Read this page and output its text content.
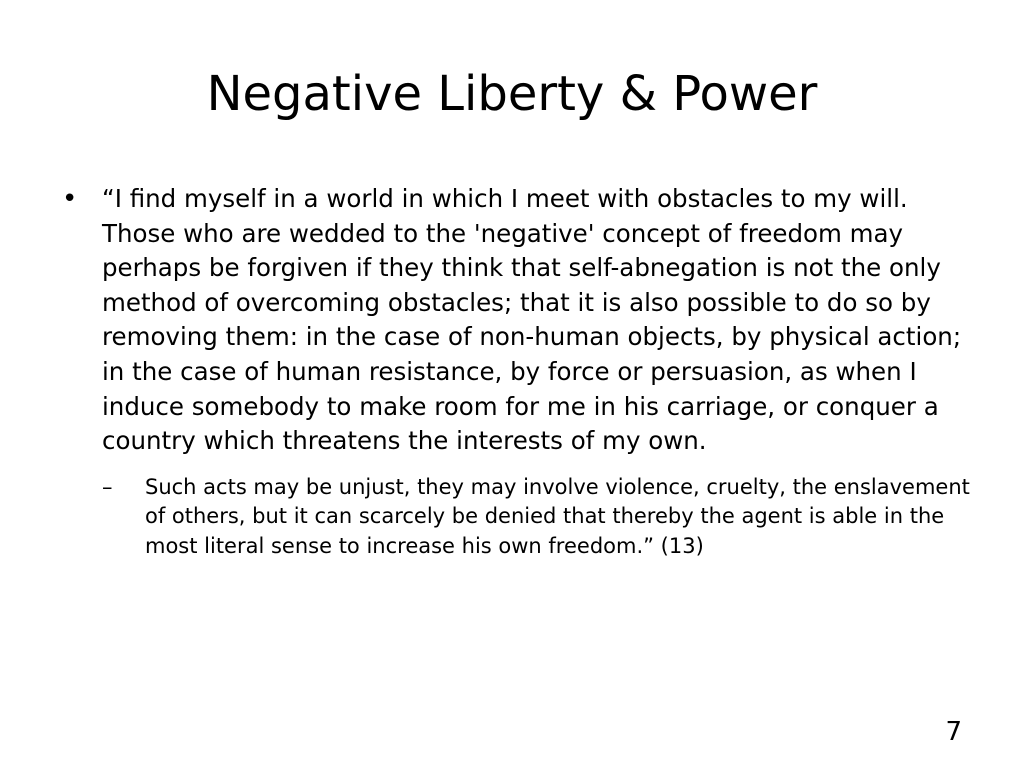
Negative Liberty & Power

•	“I find myself in a world in which I meet with obstacles to my will. Those who are wedded to the 'negative' concept of freedom may perhaps be forgiven if they think that self-abnegation is not the only method of overcoming obstacles; that it is also possible to do so by removing them: in the case of non-human objects, by physical action; in the case of human resistance, by force or persuasion, as when I induce somebody to make room for me in his carriage, or conquer a country which threatens the interests of my own.

–	Such acts may be unjust, they may involve violence, cruelty, the enslavement of others, but it can scarcely be denied that thereby the agent is able in the most literal sense to increase his own freedom.” (13)

7
